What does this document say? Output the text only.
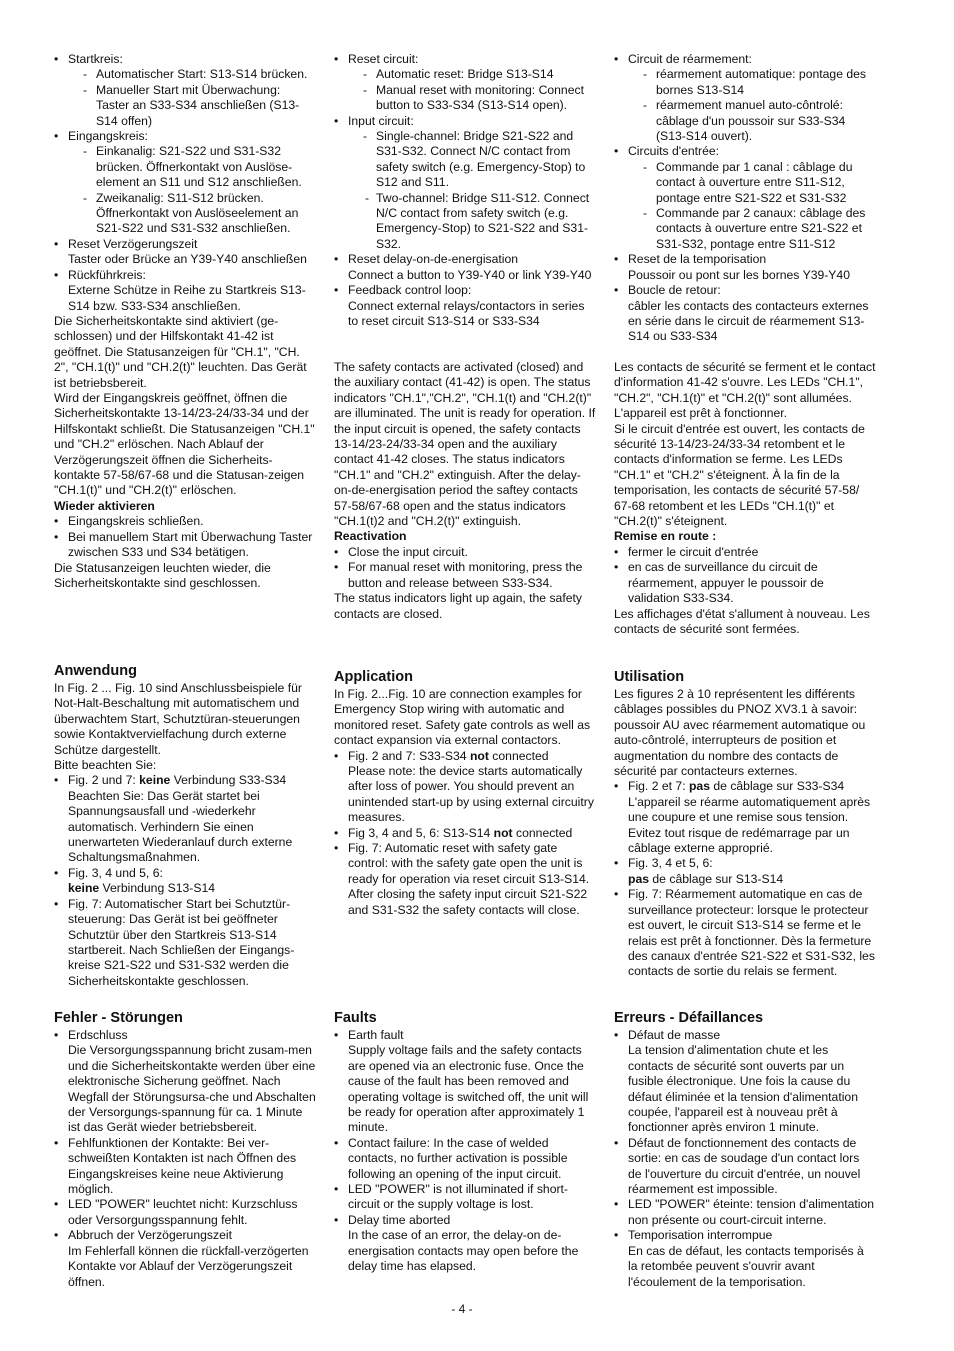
• Startkreis:
- Automatischer Start: S13-S14 brücken.
- Manueller Start mit Überwachung: Taster an S33-S34 anschließen (S13-S14 offen)
• Eingangskreis:
- Einkanalig: S21-S22 und S31-S32 brücken. Öffnerkontakt von Auslöse-element an S11 und S12 anschließen.
- Zweikanalig: S11-S12 brücken. Öffnerkontakt von Auslöseelement an S21-S22 und S31-S32 anschließen.
• Reset Verzögerungszeit
Taster oder Brücke an Y39-Y40 anschließen
• Rückführkreis:
Externe Schütze in Reihe zu Startkreis S13-S14 bzw. S33-S34 anschließen.

Die Sicherheitskontakte sind aktiviert (ge-schlossen) und der Hilfskontakt 41-42 ist geöffnet. Die Statusanzeigen für "CH.1", "CH. 2", "CH.1(t)" und "CH.2(t)" leuchten. Das Gerät ist betriebsbereit.

Wird der Eingangskreis geöffnet, öffnen die Sicherheitskontakte 13-14/23-24/33-34 und der Hilfskontakt schließt. Die Statusanzeigen "CH.1" und "CH.2" erlöschen. Nach Ablauf der Verzögerungszeit öffnen die Sicherheits-kontakte 57-58/67-68 und die Statusan-zeigen "CH.1(t)" und "CH.2(t)" erlöschen.

Wieder aktivieren

• Eingangskreis schließen.
• Bei manuellem Start mit Überwachung Taster zwischen S33 und S34 betätigen.

Die Statusanzeigen leuchten wieder, die Sicherheitskontakte sind geschlossen.

Anwendung

In Fig. 2 ... Fig. 10 sind Anschlussbeispiele für Not-Halt-Beschaltung mit automatischem und überwachtem Start, Schutztüran-steuerungen sowie Kontaktvervielfachung durch externe Schütze dargestellt.

Bitte beachten Sie:

• Fig. 2 und 7: keine Verbindung S33-S34
Beachten Sie: Das Gerät startet bei Spannungsausfall und -wiederkehr automatisch. Verhindern Sie einen unerwarteten Wiederanlauf durch externe Schaltungsmaßnahmen.
• Fig. 3, 4 und 5, 6:
keine Verbindung S13-S14
• Fig. 7: Automatischer Start bei Schutztür-steuerung: Das Gerät ist bei geöffneter Schutztür über den Startkreis S13-S14 startbereit. Nach Schließen der Eingangs-kreise S21-S22 und S31-S32 werden die Sicherheitskontakte geschlossen.
Fehler - Störungen
• Erdschluss
Die Versorgungsspannung bricht zusam-men und die Sicherheitskontakte werden über eine elektronische Sicherung geöffnet. Nach Wegfall der Störungsursa-che und Abschalten der Versorgungs-spannung für ca. 1 Minute ist das Gerät wieder betriebsbereit.
• Fehlfunktionen der Kontakte: Bei ver-schweißten Kontakten ist nach Öffnen des Eingangskreises keine neue Aktivierung möglich.
• LED "POWER" leuchtet nicht: Kurzschluss oder Versorgungsspannung fehlt.
• Abbruch der Verzögerungszeit
Im Fehlerfall können die rückfall-verzögerten Kontakte vor Ablauf der Verzögerungszeit öffnen.
• Reset circuit:
- Automatic reset: Bridge S13-S14
- Manual reset with monitoring: Connect button to S33-S34 (S13-S14 open).
• Input circuit:
- Single-channel: Bridge S21-S22 and S31-S32. Connect N/C contact from safety switch (e.g. Emergency-Stop) to S12 and S11.
- Two-channel: Bridge S11-S12. Connect N/C contact from safety switch (e.g. Emergency-Stop) to S21-S22 and S31-S32.
• Reset delay-on-de-energisation
Connect a button to Y39-Y40 or link Y39-Y40
• Feedback control loop:
Connect external relays/contactors in series to reset circuit S13-S14 or S33-S34

The safety contacts are activated (closed) and the auxiliary contact (41-42) is open. The status indicators "CH.1","CH.2", "CH.1(t) and "CH.2(t)" are illuminated. The unit is ready for operation. If the input circuit is opened, the safety contacts 13-14/23-24/33-34 open and the auxiliary contact 41-42 closes. The status indicators "CH.1" and "CH.2" extinguish. After the delay-on-de-energisation period the saftey contacts 57-58/67-68 open and the status indicators "CH.1(t)2 and "CH.2(t)" extinguish.

Reactivation

• Close the input circuit.
• For manual reset with monitoring, press the button and release between S33-S34.

The status indicators light up again, the safety contacts are closed.

Application

In Fig. 2...Fig. 10 are connection examples for Emergency Stop wiring with automatic and monitored reset. Safety gate controls as well as contact expansion via external contactors.

• Fig. 2 and 7: S33-S34 not connected
Please note: the device starts automatically after loss of power. You should prevent an unintended start-up by using external circuitry measures.
• Fig 3, 4 and 5, 6: S13-S14 not connected
• Fig. 7: Automatic reset with safety gate control: with the safety gate open the unit is ready for operation via reset circuit S13-S14. After closing the safety input circuit S21-S22 and S31-S32 the safety contacts will close.
Faults
• Earth fault
Supply voltage fails and the safety contacts are opened via an electronic fuse. Once the cause of the fault has been removed and operating voltage is switched off, the unit will be ready for operation after approximately 1 minute.
• Contact failure: In the case of welded contacts, no further activation is possible following an opening of the input circuit.
• LED "POWER" is not illuminated if short-circuit or the supply voltage is lost.
• Delay time aborted
In the case of an error, the delay-on de-energisation contacts may open before the delay time has elapsed.
• Circuit de réarmement:
- réarmement automatique: pontage des bornes S13-S14
- réarmement manuel auto-côntrolé: câblage d'un poussoir sur S33-S34 (S13-S14 ouvert).
• Circuits d'entrée:
- Commande par 1 canal : câblage du contact à ouverture entre S11-S12, pontage entre S21-S22 et S31-S32
- Commande par 2 canaux: câblage des contacts à ouverture entre S21-S22 et S31-S32, pontage entre S11-S12
• Reset de la temporisation
Poussoir ou pont sur les bornes Y39-Y40
• Boucle de retour:
câbler les contacts des contacteurs externes en série dans le circuit de réarmement S13-S14 ou S33-S34

Les contacts de sécurité se ferment et le contact d'information 41-42 s'ouvre. Les LEDs "CH.1", "CH.2", "CH.1(t)" et "CH.2(t)" sont allumées. L'appareil est prêt à fonctionner.

Si le circuit d'entrée est ouvert, les contacts de sécurité 13-14/23-24/33-34 retombent et le contacts d'information se ferme. Les LEDs "CH.1" et "CH.2" s'éteignent. À la fin de la temporisation, les contacts de sécurité 57-58/ 67-68 retombent et les LEDs "CH.1(t)" et "CH.2(t)" s'éteignent.

Remise en route :

• fermer le circuit d'entrée
• en cas de surveillance du circuit de réarmement, appuyer le poussoir de validation S33-S34.

Les affichages d'état s'allument à nouveau. Les contacts de sécurité sont fermées.

Utilisation

Les figures 2 à 10 représentent les différents câblages possibles du PNOZ XV3.1 à savoir: poussoir AU avec réarmement automatique ou auto-côntrolé, interrupteurs de position et augmentation du nombre des contacts de sécurité par contacteurs externes.

• Fig. 2 et 7: pas de câblage sur S33-S34
L'appareil se réarme automatiquement après une coupure et une remise sous tension. Evitez tout risque de redémarrage par un câblage externe approprié.
• Fig. 3, 4 et 5, 6:
pas de câblage sur S13-S14
• Fig. 7: Réarmement automatique en cas de surveillance protecteur: lorsque le protecteur est ouvert, le circuit S13-S14 se ferme et le relais est prêt à fonctionner. Dès la fermeture des canaux d'entrée S21-S22 et S31-S32, les contacts de sortie du relais se ferment.
Erreurs - Défaillances
• Défaut de masse
La tension d'alimentation chute et les contacts de sécurité sont ouverts par un fusible électronique. Une fois la cause du défaut éliminée et la tension d'alimentation coupée, l'appareil est à nouveau prêt à fonctionner après environ 1 minute.
• Défaut de fonctionnement des contacts de sortie: en cas de soudage d'un contact lors de l'ouverture du circuit d'entrée, un nouvel réarmement est impossible.
• LED "POWER" éteinte: tension d'alimentation non présente ou court-circuit interne.
• Temporisation interrompue
En cas de défaut, les contacts temporisés à la retombée peuvent s'ouvrir avant l'écoulement de la temporisation.
- 4 -
